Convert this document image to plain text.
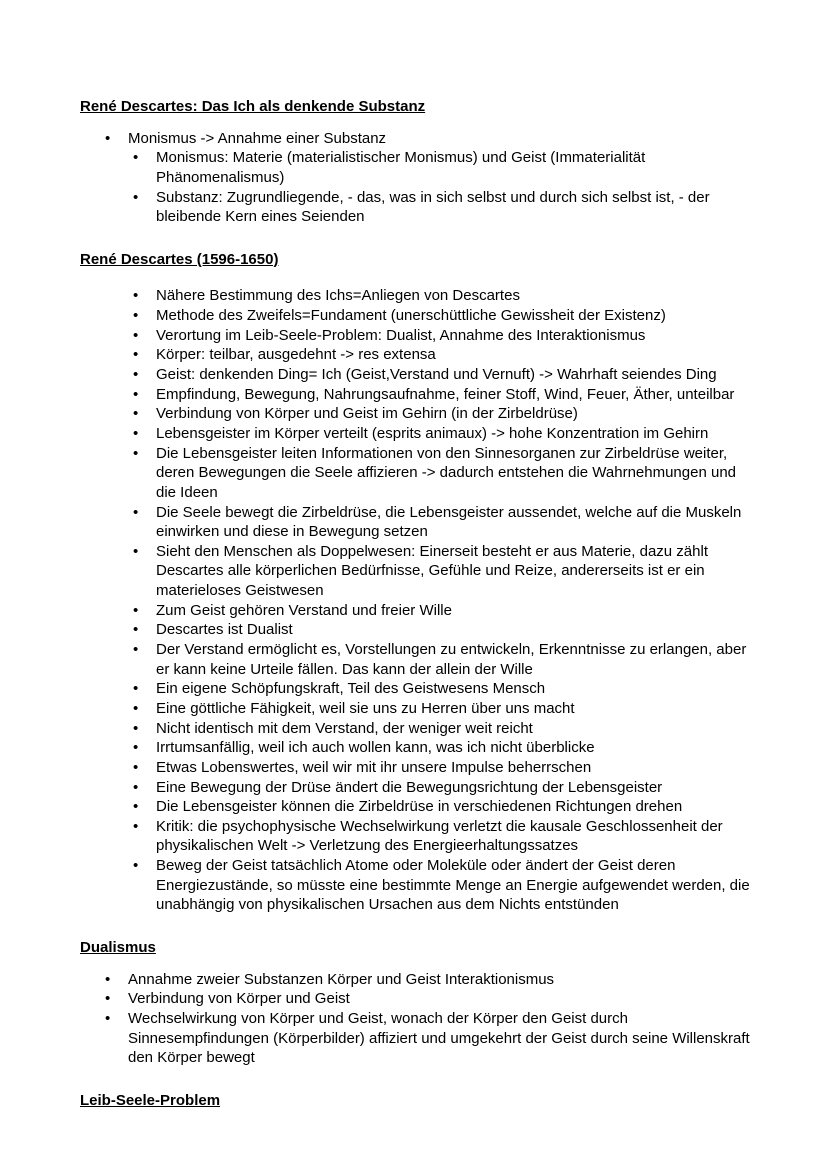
René Descartes: Das Ich als denkende Substanz
•	Monismus -> Annahme einer Substanz
•	Monismus: Materie (materialistischer Monismus) und Geist (Immaterialität Phänomenalismus)
•	Substanz: Zugrundliegende, - das, was in sich selbst und durch sich selbst ist, - der bleibende Kern eines Seienden
René Descartes (1596-1650)
•	Nähere Bestimmung des Ichs=Anliegen von Descartes
•	Methode des Zweifels=Fundament (unerschüttliche Gewissheit der Existenz)
•	Verortung im Leib-Seele-Problem: Dualist, Annahme des Interaktionismus
•	Körper: teilbar, ausgedehnt -> res extensa
•	Geist: denkenden Ding= Ich (Geist,Verstand und Vernuft) -> Wahrhaft seiendes Ding
•	Empfindung, Bewegung, Nahrungsaufnahme, feiner Stoff, Wind, Feuer, Äther, unteilbar
•	Verbindung von Körper und Geist im Gehirn (in der Zirbeldrüse)
•	Lebensgeister im Körper verteilt (esprits animaux) -> hohe Konzentration im Gehirn
•	Die Lebensgeister leiten Informationen von den Sinnesorganen zur Zirbeldrüse weiter, deren Bewegungen die Seele affizieren -> dadurch entstehen die Wahrnehmungen und die Ideen
•	Die Seele bewegt die Zirbeldrüse, die Lebensgeister aussendet, welche auf die Muskeln einwirken und diese in Bewegung setzen
•	Sieht den Menschen als Doppelwesen: Einerseit besteht er aus Materie, dazu zählt Descartes alle körperlichen Bedürfnisse, Gefühle und Reize, andererseits ist er ein materieloses Geistwesen
•	Zum Geist gehören Verstand und freier Wille
•	Descartes ist Dualist
•	Der Verstand ermöglicht es, Vorstellungen zu entwickeln, Erkenntnisse zu erlangen, aber er kann keine Urteile fällen. Das kann der allein der Wille
•	Ein eigene Schöpfungskraft, Teil des Geistwesens Mensch
•	Eine göttliche Fähigkeit, weil sie uns zu Herren über uns macht
•	Nicht identisch mit dem Verstand, der weniger weit reicht
•	Irrtumsanfällig, weil ich auch wollen kann, was ich nicht überblicke
•	Etwas Lobenswertes, weil wir mit ihr unsere Impulse beherrschen
•	Eine Bewegung der Drüse ändert die Bewegungsrichtung der Lebensgeister
•	Die Lebensgeister können die Zirbeldrüse in verschiedenen Richtungen drehen
•	Kritik: die psychophysische Wechselwirkung verletzt die kausale Geschlossenheit der physikalischen Welt -> Verletzung des Energieerhaltungssatzes
•	Beweg der Geist tatsächlich Atome oder Moleküle oder ändert der Geist deren Energiezustände, so müsste eine bestimmte Menge an Energie aufgewendet werden, die unabhängig von physikalischen Ursachen aus dem Nichts entstünden
Dualismus
•	Annahme zweier Substanzen Körper und Geist Interaktionismus
•	Verbindung von Körper und Geist
•	Wechselwirkung von Körper und Geist, wonach der Körper den Geist durch Sinnesempfindungen (Körperbilder) affiziert und umgekehrt der Geist durch seine Willenskraft den Körper bewegt
Leib-Seele-Problem
